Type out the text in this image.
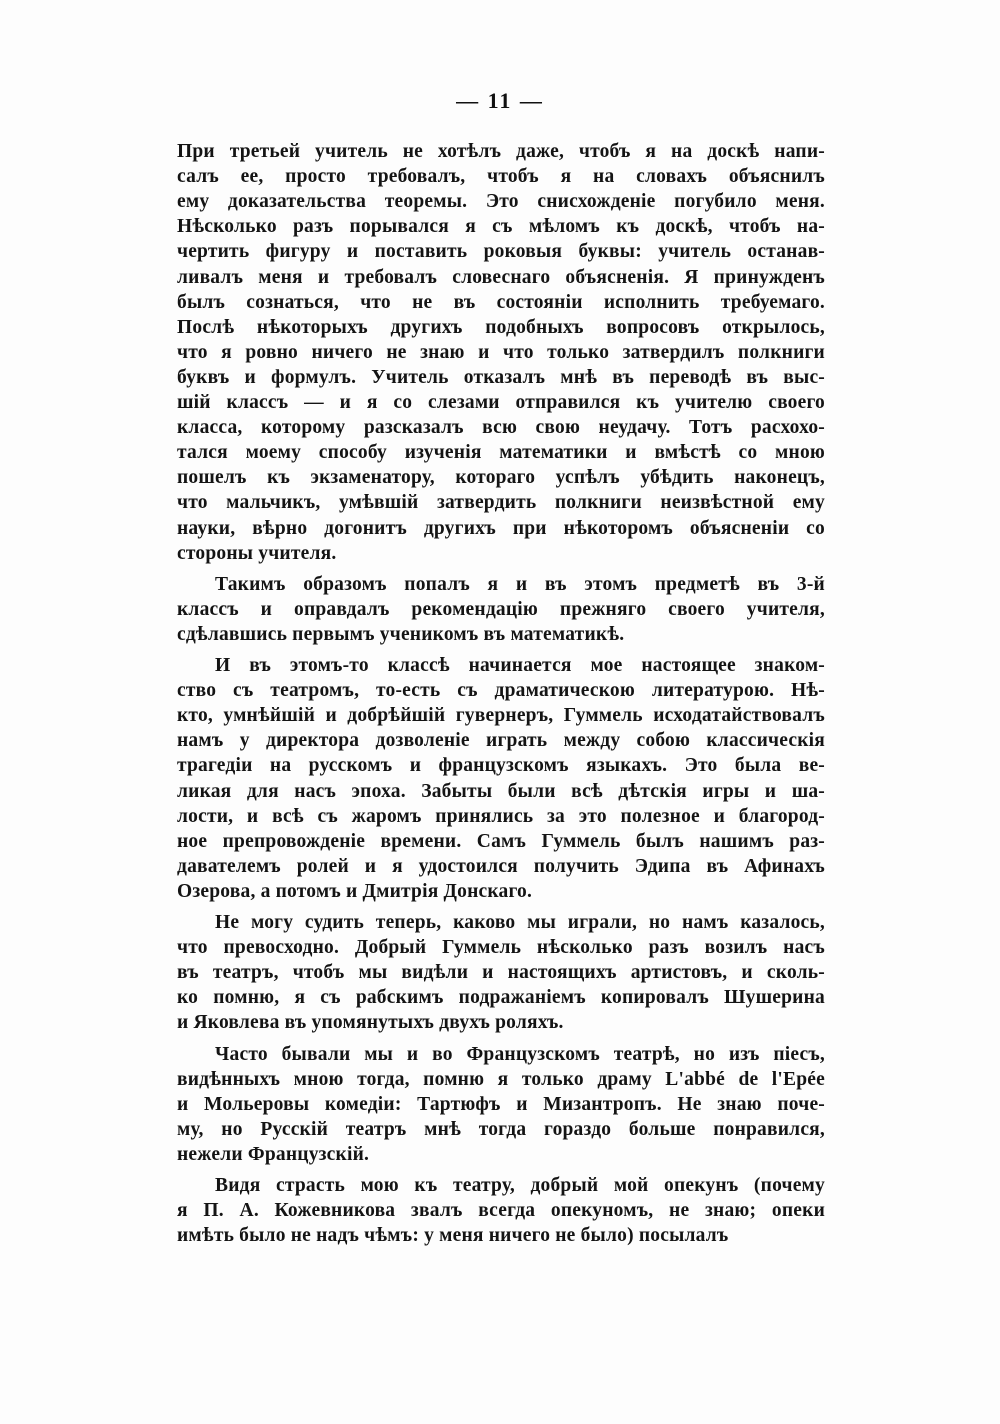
— 11 —
При третьей учитель не хотѣлъ даже, чтобъ я на доскѣ напи-
салъ ее, просто требовалъ, чтобъ я на словахъ объяснилъ
ему доказательства теоремы. Это снисхожденіе погубило меня.
Нѣсколько разъ порывался я съ мѣломъ къ доскѣ, чтобъ на-
чертить фигуру и поставить роковыя буквы: учитель останав-
ливалъ меня и требовалъ словеснаго объясненія. Я принужденъ
былъ сознаться, что не въ состояніи исполнить требуемаго.
Послѣ нѣкоторыхъ другихъ подобныхъ вопросовъ открылось,
что я ровно ничего не знаю и что только затвердилъ полкниги
буквъ и формулъ. Учитель отказалъ мнѣ въ переводѣ въ выс-
шій классъ — и я со слезами отправился къ учителю своего
класса, которому разсказалъ всю свою неудачу. Тотъ расхохо-
тался моему способу изученія математики и вмѣстѣ со мною
пошелъ къ экзаменатору, котораго успѣлъ убѣдить наконецъ,
что мальчикъ, умѣвшій затвердить полкниги неизвѣстной ему
науки, вѣрно догонитъ другихъ при нѣкоторомъ объясненіи со
стороны учителя.
Такимъ образомъ попалъ я и въ этомъ предметѣ въ 3-й
классъ и оправдалъ рекомендацію прежняго своего учителя,
сдѣлавшись первымъ ученикомъ въ математикѣ.
И въ этомъ-то классѣ начинается мое настоящее знаком-
ство съ театромъ, то-есть съ драматическою литературою. Нѣ-
кто, умнѣйшій и добрѣйшій гувернеръ, Гуммель исходатайствовалъ
намъ у директора дозволеніе играть между собою классическія
трагедіи на русскомъ и французскомъ языкахъ. Это была ве-
ликая для насъ эпоха. Забыты были всѣ дѣтскія игры и ша-
лости, и всѣ съ жаромъ принялись за это полезное и благород-
ное препровожденіе времени. Самъ Гуммель былъ нашимъ раз-
давателемъ ролей и я удостоился получить Эдипа въ Афинахъ
Озерова, а потомъ и Дмитрія Донскаго.
Не могу судить теперь, каково мы играли, но намъ казалось,
что превосходно. Добрый Гуммель нѣсколько разъ возилъ насъ
въ театръ, чтобъ мы видѣли и настоящихъ артистовъ, и сколь-
ко помню, я съ рабскимъ подражаніемъ копировалъ Шушерина
и Яковлева въ упомянутыхъ двухъ роляхъ.
Часто бывали мы и во Французскомъ театрѣ, но изъ піесъ,
видѣнныхъ мною тогда, помню я только драму L'abbé de l'Epée
и Мольеровы комедіи: Тартюфъ и Мизантропъ. Не знаю поче-
му, но Русскій театръ мнѣ тогда гораздо больше понравился,
нежели Французскій.
Видя страсть мою къ театру, добрый мой опекунъ (почему
я П. А. Кожевникова звалъ всегда опекуномъ, не знаю; опеки
имѣть было не надъ чѣмъ: у меня ничего не было) посылалъ
